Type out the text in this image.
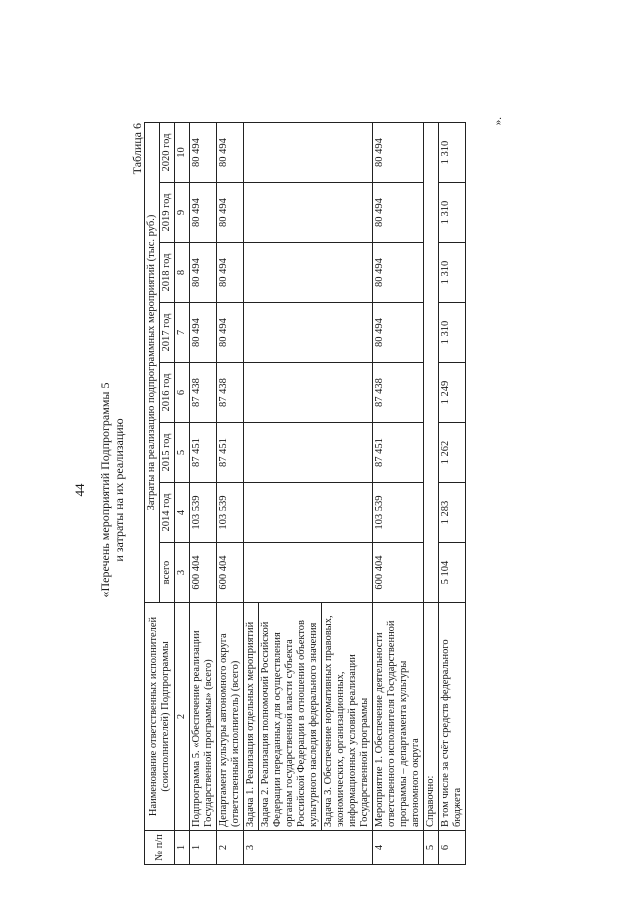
44 «Перечень мероприятий Подпрограммы 5 и затраты на их реализацию
Таблица 6
№ п/п	Наименование ответственных исполнителей (соисполнителей) Подпрограммы	Затраты на реализацию подпрограммных мероприятий (тыс. руб.)							
		всего	2014 год	2015 год	2016 год	2017 год	2018 год	2019 год	2020 год
1	2	3	4	5	6	7	8	9	10
1	Подпрограмма 5. «Обеспечение реализации Государственной программы» (всего)	600 404	103 539	87 451	87 438	80 494	80 494	80 494	80 494
2	Департамент культуры автономного округа (ответственный исполнитель) (всего)	600 404	103 539	87 451	87 438	80 494	80 494	80 494	80 494
3	Задача 1. Реализация отдельных мероприятий								
	Задача 2. Реализация полномочий Российской Федерации переданных для осуществления органам государственной власти субъекта Российской Федерации в отношении объектов культурного наследия федерального значения								
	Задача 3. Обеспечение нормативных правовых, экономических, организационных, информационных условий реализации Государственной программы								
4	Мероприятие 1. Обеспечение деятельности ответственного исполнителя Государственной программы – департамента культуры автономного округа	600 404	103 539	87 451	87 438	80 494	80 494	80 494	80 494
5	Справочно:								
6	В том числе за счёт средств федерального бюджета	5 104	1 283	1 262	1 249	1 310	1 310	1 310	1 310
».
